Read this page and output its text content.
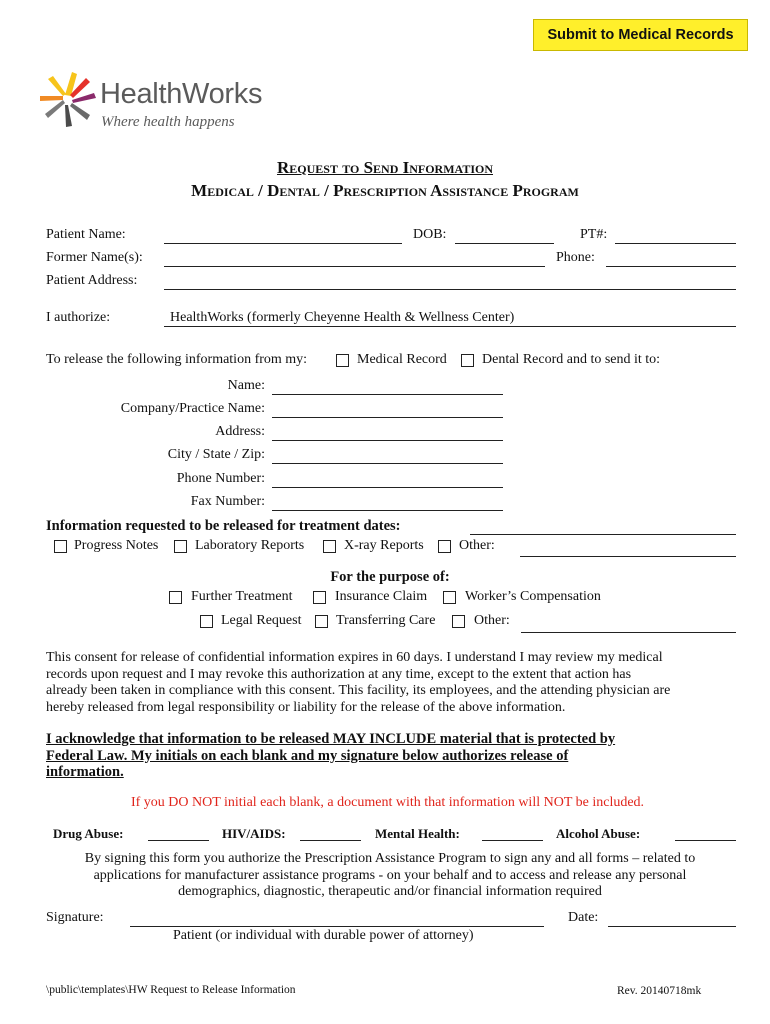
Submit to Medical Records
HealthWorks
Where health happens
Request to Send Information
Medical / Dental / Prescription Assistance Program
Patient Name:	DOB:	PT#:
Former Name(s):	Phone:
Patient Address:
I authorize:	HealthWorks (formerly Cheyenne Health & Wellness Center)
To release the following information from my:	Medical Record	Dental Record and to send it to:
Name:
Company/Practice Name:
Address:
City / State / Zip:
Phone Number:
Fax Number:
Information requested to be released for treatment dates:
Progress Notes	Laboratory Reports	X-ray Reports	Other:
For the purpose of:
Further Treatment	Insurance Claim	Worker’s Compensation
Legal Request Transferring Care	Other:
This consent for release of confidential information expires in 60 days. I understand I may review my medical
records upon request and I may revoke this authorization at any time, except to the extent that action has
already been taken in compliance with this consent. This facility, its employees, and the attending physician are
hereby released from legal responsibility or liability for the release of the above information.
I acknowledge that information to be released MAY INCLUDE material that is protected by
Federal Law. My initials on each blank and my signature below authorizes release of
information.
If you DO NOT initial each blank, a document with that information will NOT be included.
Drug Abuse:	HIV/AIDS:	Mental Health:	Alcohol Abuse:
By signing this form you authorize the Prescription Assistance Program to sign any and all forms – related to
applications for manufacturer assistance programs - on your behalf and to access and release any personal
demographics, diagnostic, therapeutic and/or financial information required
Signature:	Date:
Patient (or individual with durable power of attorney)
\public\templates\HW Request to Release Information	Rev. 20140718mk
